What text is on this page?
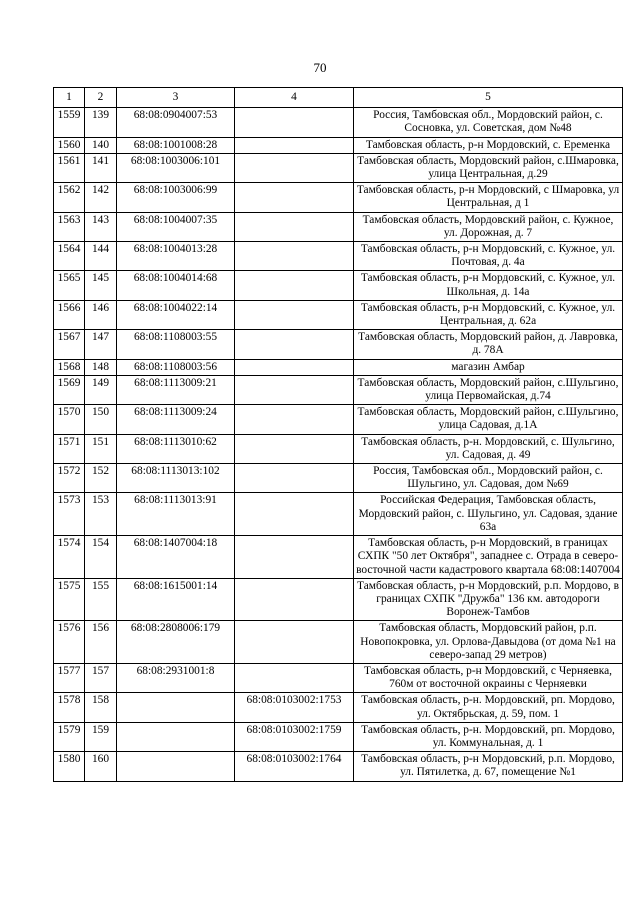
70
1	2	3	4	5
1559	139	68:08:0904007:53		Россия, Тамбовская обл., Мордовский район, с. Сосновка, ул. Советская, дом №48
1560	140	68:08:1001008:28		Тамбовская область, р-н Мордовский, с. Еременка
1561	141	68:08:1003006:101		Тамбовская область, Мордовский район, с.Шмаровка, улица Центральная, д.29
1562	142	68:08:1003006:99		Тамбовская область, р-н Мордовский, с Шмаровка, ул Центральная, д 1
1563	143	68:08:1004007:35		Тамбовская область, Мордовский район, с. Кужное, ул. Дорожная, д. 7
1564	144	68:08:1004013:28		Тамбовская область, р-н Мордовский, с. Кужное, ул. Почтовая, д. 4а
1565	145	68:08:1004014:68		Тамбовская область, р-н Мордовский, с. Кужное, ул. Школьная, д. 14а
1566	146	68:08:1004022:14		Тамбовская область, р-н Мордовский, с. Кужное, ул. Центральная, д. 62а
1567	147	68:08:1108003:55		Тамбовская область, Мордовский район, д. Лавровка, д. 78А
1568	148	68:08:1108003:56		магазин Амбар
1569	149	68:08:1113009:21		Тамбовская область, Мордовский район, с.Шульгино, улица Первомайская, д.74
1570	150	68:08:1113009:24		Тамбовская область, Мордовский район, с.Шульгино, улица Садовая, д.1А
1571	151	68:08:1113010:62		Тамбовская область, р-н. Мордовский, с. Шульгино, ул. Садовая, д. 49
1572	152	68:08:1113013:102		Россия, Тамбовская обл., Мордовский район, с. Шульгино, ул. Садовая, дом №69
1573	153	68:08:1113013:91		Российская Федерация, Тамбовская область, Мордовский район, с. Шульгино, ул. Садовая, здание 63а
1574	154	68:08:1407004:18		Тамбовская область, р-н Мордовский, в границах СХПК "50 лет Октября", западнее с. Отрада в северо-восточной части кадастрового квартала 68:08:1407004
1575	155	68:08:1615001:14		Тамбовская область, р-н Мордовский, р.п. Мордово, в границах СХПК "Дружба" 136 км. автодороги Воронеж-Тамбов
1576	156	68:08:2808006:179		Тамбовская область, Мордовский район, р.п. Новопокровка, ул. Орлова-Давыдова (от дома №1 на северо-запад 29 метров)
1577	157	68:08:2931001:8		Тамбовская область, р-н Мордовский, с Черняевка, 760м от восточной окраины с Черняевки
1578	158		68:08:0103002:1753	Тамбовская область, р-н. Мордовский, рп. Мордово, ул. Октябрьская, д. 59, пом. 1
1579	159		68:08:0103002:1759	Тамбовская область, р-н. Мордовский, рп. Мордово, ул. Коммунальная, д. 1
1580	160		68:08:0103002:1764	Тамбовская область, р-н Мордовский, р.п. Мордово, ул. Пятилетка, д. 67, помещение №1
